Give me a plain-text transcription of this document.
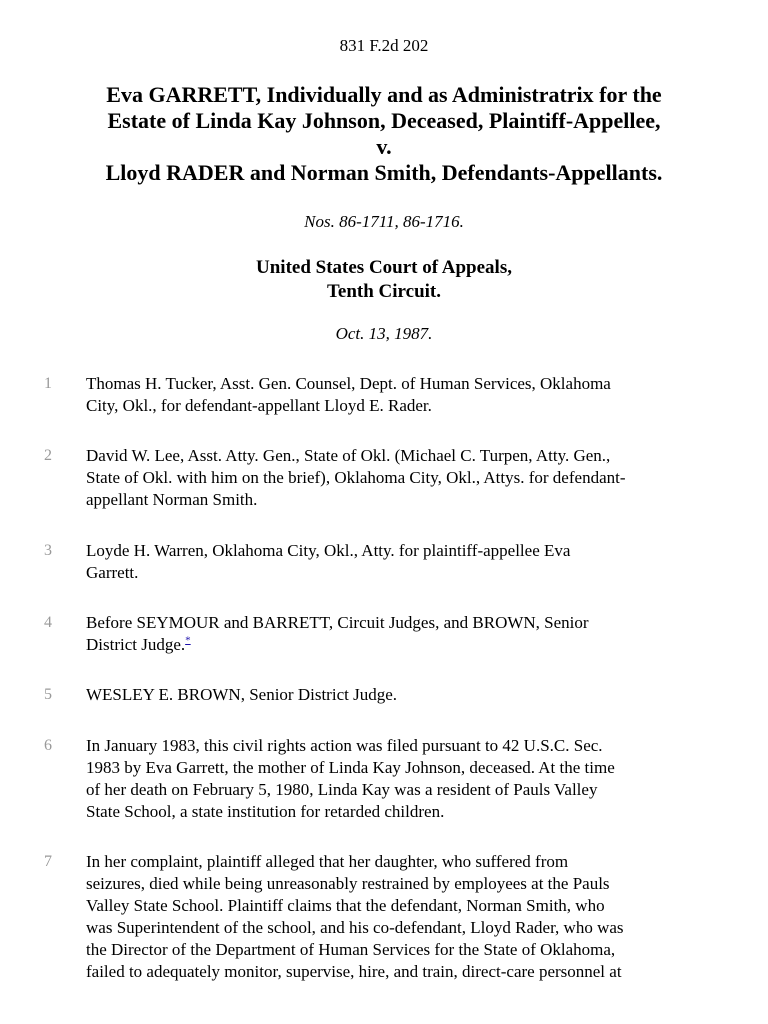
831 F.2d 202
Eva GARRETT, Individually and as Administratrix for the
Estate of Linda Kay Johnson, Deceased, Plaintiff-Appellee,
v.
Lloyd RADER and Norman Smith, Defendants-Appellants.
Nos. 86-1711, 86-1716.
United States Court of Appeals,
Tenth Circuit.
Oct. 13, 1987.
1 Thomas H. Tucker, Asst. Gen. Counsel, Dept. of Human Services, Oklahoma
City, Okl., for defendant-appellant Lloyd E. Rader.
2 David W. Lee, Asst. Atty. Gen., State of Okl. (Michael C. Turpen, Atty. Gen.,
State of Okl. with him on the brief), Oklahoma City, Okl., Attys. for defendant-
appellant Norman Smith.
3 Loyde H. Warren, Oklahoma City, Okl., Atty. for plaintiff-appellee Eva
Garrett.
4 Before SEYMOUR and BARRETT, Circuit Judges, and BROWN, Senior
District Judge.*
5 WESLEY E. BROWN, Senior District Judge.
6 In January 1983, this civil rights action was filed pursuant to 42 U.S.C. Sec.
1983 by Eva Garrett, the mother of Linda Kay Johnson, deceased. At the time
of her death on February 5, 1980, Linda Kay was a resident of Pauls Valley
State School, a state institution for retarded children.
7 In her complaint, plaintiff alleged that her daughter, who suffered from
seizures, died while being unreasonably restrained by employees at the Pauls
Valley State School. Plaintiff claims that the defendant, Norman Smith, who
was Superintendent of the school, and his co-defendant, Lloyd Rader, who was
the Director of the Department of Human Services for the State of Oklahoma,
failed to adequately monitor, supervise, hire, and train, direct-care personnel at
